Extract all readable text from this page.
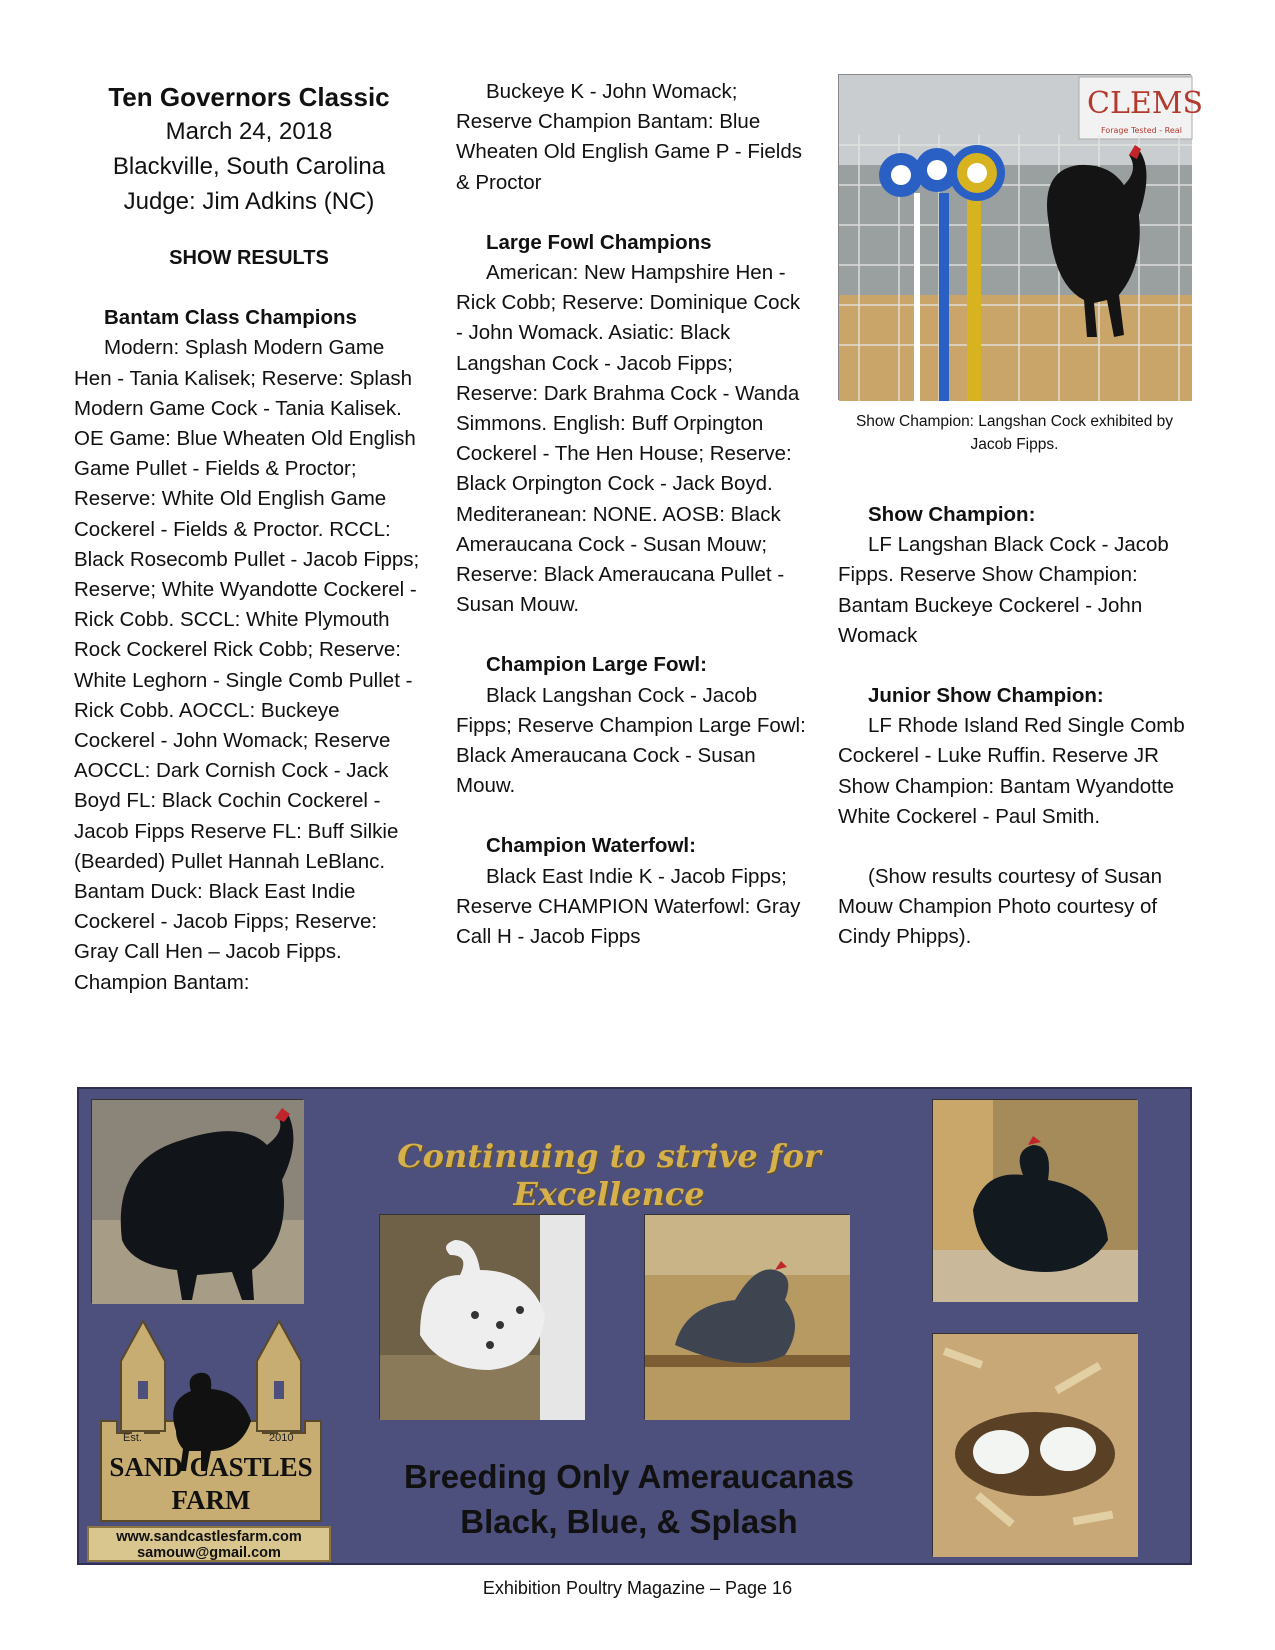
Ten Governors Classic
March 24, 2018
Blackville, South Carolina
Judge: Jim Adkins (NC)
SHOW RESULTS
Bantam Class Champions
Modern: Splash Modern Game Hen - Tania Kalisek; Reserve: Splash Modern Game Cock - Tania Kalisek. OE Game: Blue Wheaten Old English Game Pullet - Fields & Proctor; Reserve: White Old English Game Cockerel - Fields & Proctor. RCCL: Black Rosecomb Pullet - Jacob Fipps; Reserve; White Wyandotte Cockerel - Rick Cobb. SCCL: White Plymouth Rock Cockerel Rick Cobb; Reserve: White Leghorn - Single Comb Pullet - Rick Cobb. AOCCL: Buckeye Cockerel - John Womack; Reserve AOCCL: Dark Cornish Cock - Jack Boyd FL: Black Cochin Cockerel - Jacob Fipps Reserve FL: Buff Silkie (Bearded) Pullet Hannah LeBlanc. Bantam Duck: Black East Indie Cockerel - Jacob Fipps; Reserve: Gray Call Hen – Jacob Fipps. Champion Bantam:
Buckeye K - John Womack; Reserve Champion Bantam: Blue Wheaten Old English Game P - Fields & Proctor
Large Fowl Champions
American: New Hampshire Hen - Rick Cobb; Reserve: Dominique Cock - John Womack. Asiatic: Black Langshan Cock - Jacob Fipps; Reserve: Dark Brahma Cock - Wanda Simmons. English: Buff Orpington Cockerel - The Hen House; Reserve: Black Orpington Cock - Jack Boyd. Mediteranean: NONE. AOSB: Black Ameraucana Cock - Susan Mouw; Reserve: Black Ameraucana Pullet - Susan Mouw.
Champion Large Fowl:
Black Langshan Cock - Jacob Fipps; Reserve Champion Large Fowl: Black Ameraucana Cock - Susan Mouw.
Champion Waterfowl:
Black East Indie K - Jacob Fipps; Reserve CHAMPION Waterfowl: Gray Call H - Jacob Fipps
CLEMS
Forage Tested - Real
Show Champion: Langshan Cock exhibited by Jacob Fipps.
Show Champion:
LF Langshan Black Cock - Jacob Fipps. Reserve Show Champion: Bantam Buckeye Cockerel - John Womack
Junior Show Champion:
LF Rhode Island Red Single Comb Cockerel - Luke Ruffin. Reserve JR Show Champion: Bantam Wyandotte White Cockerel - Paul Smith.
(Show results courtesy of Susan Mouw Champion Photo courtesy of Cindy Phipps).
Continuing to strive for Excellence
Breeding Only Ameraucanas
Black, Blue, & Splash
Est.	2010
SAND CASTLES
FARM
www.sandcastlesfarm.com
samouw@gmail.com
Exhibition Poultry Magazine – Page 16
